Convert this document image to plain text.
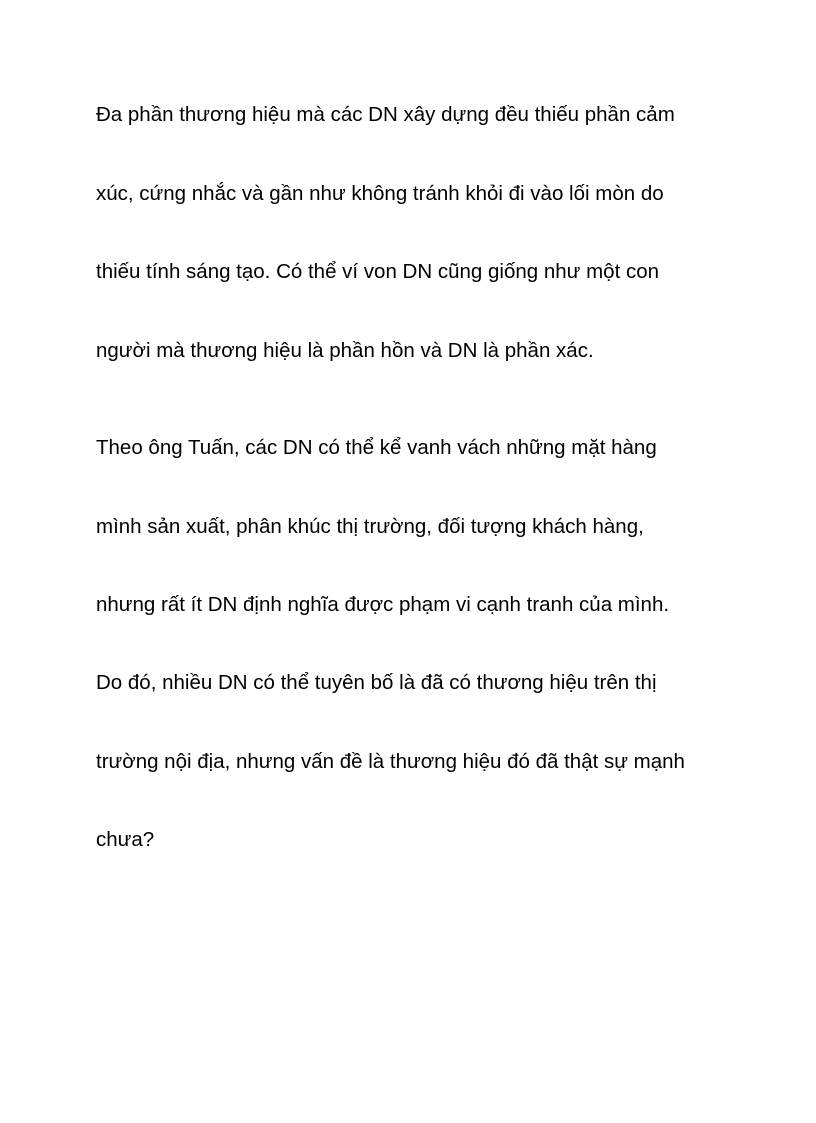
Đa phần thương hiệu mà các DN xây dựng đều thiếu phần cảm

xúc, cứng nhắc và gần như không tránh khỏi đi vào lối mòn do

thiếu tính sáng tạo. Có thể ví von DN cũng giống như một con

người mà thương hiệu là phần hồn và DN là phần xác.

Theo ông Tuấn, các DN có thể kể vanh vách những mặt hàng

mình sản xuất, phân khúc thị trường, đối tượng khách hàng,

nhưng rất ít DN định nghĩa được phạm vi cạnh tranh của mình.

Do đó, nhiều DN có thể tuyên bố là đã có thương hiệu trên thị

trường nội địa, nhưng vấn đề là thương hiệu đó đã thật sự mạnh

chưa?
